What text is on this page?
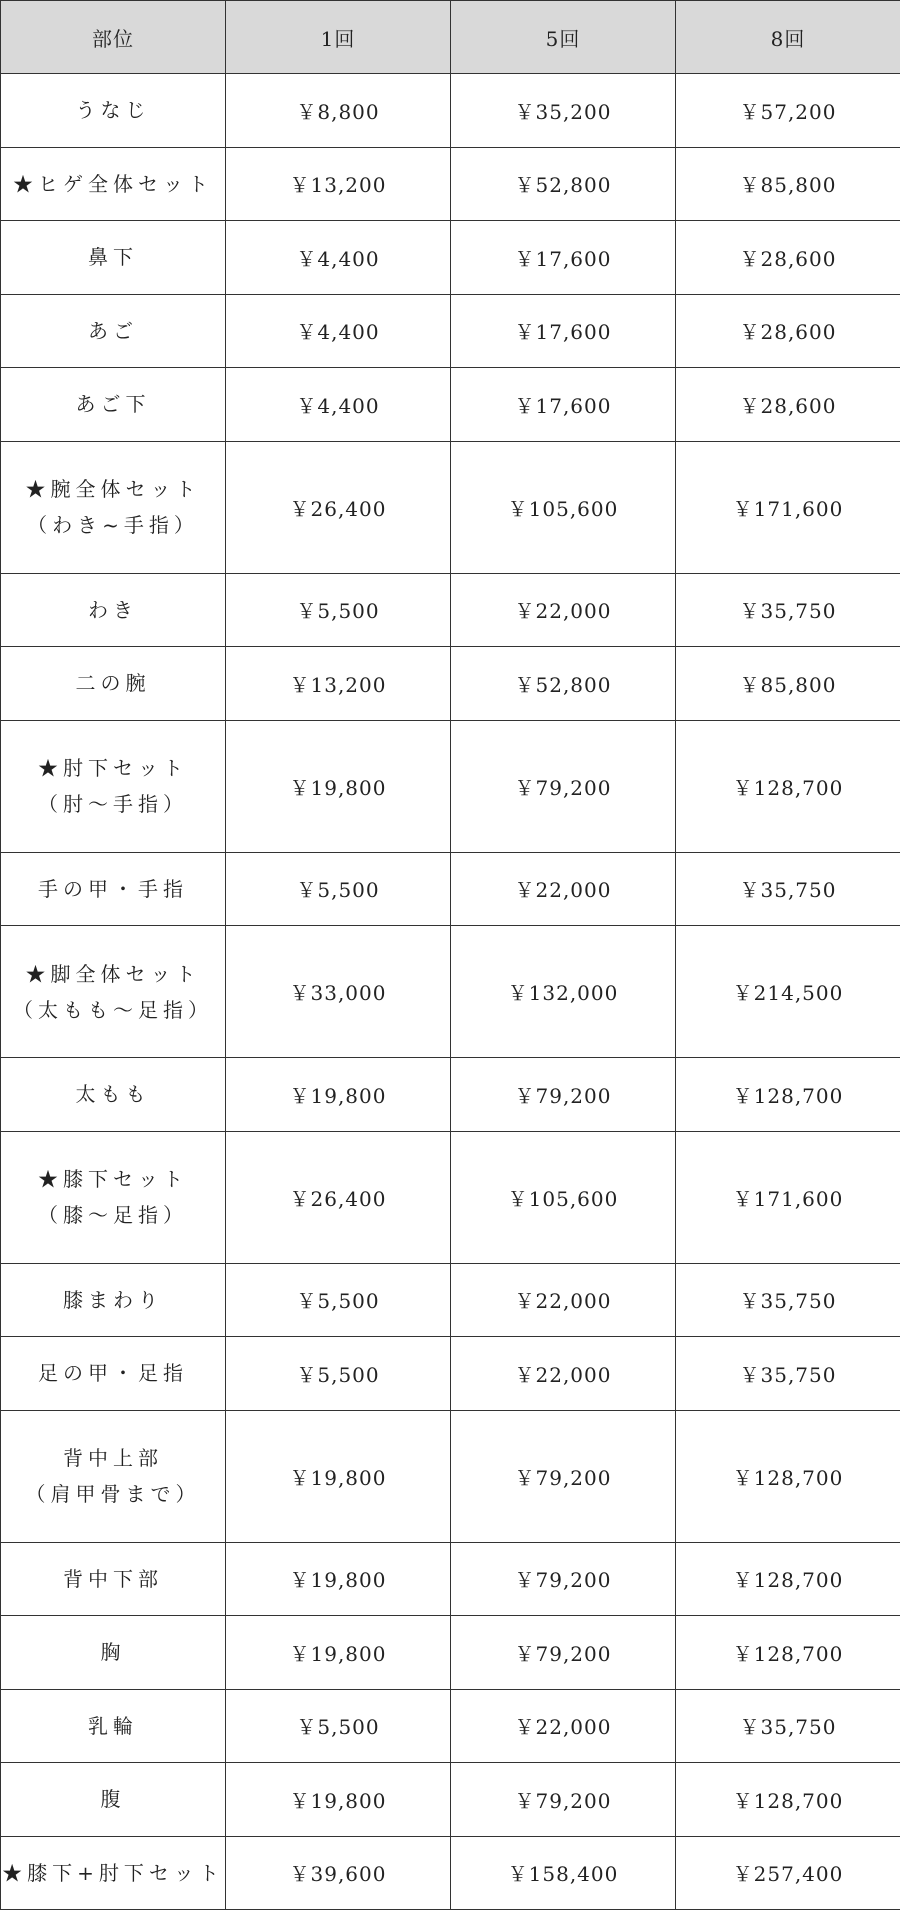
部位	1回	5回	8回

うなじ	￥8,800	￥35,200	￥57,200

★ヒゲ全体セット	￥13,200	￥52,800	￥85,800

鼻下	￥4,400	￥17,600	￥28,600

あご	￥4,400	￥17,600	￥28,600

あご下	￥4,400	￥17,600	￥28,600

★腕全体セット
（わき~手指）	￥26,400	￥105,600	￥171,600

わき	￥5,500	￥22,000	￥35,750

二の腕	￥13,200	￥52,800	￥85,800

★肘下セット
（肘～手指）	￥19,800	￥79,200	￥128,700

手の甲・手指	￥5,500	￥22,000	￥35,750

★脚全体セット
（太もも～足指）	￥33,000	￥132,000	￥214,500

太もも	￥19,800	￥79,200	￥128,700

★膝下セット
（膝～足指）	￥26,400	￥105,600	￥171,600

膝まわり	￥5,500	￥22,000	￥35,750

足の甲・足指	￥5,500	￥22,000	￥35,750

背中上部
（肩甲骨まで）	￥19,800	￥79,200	￥128,700

背中下部	￥19,800	￥79,200	￥128,700

胸	￥19,800	￥79,200	￥128,700

乳輪	￥5,500	￥22,000	￥35,750

腹	￥19,800	￥79,200	￥128,700

★膝下+肘下セット	￥39,600	￥158,400	￥257,400
